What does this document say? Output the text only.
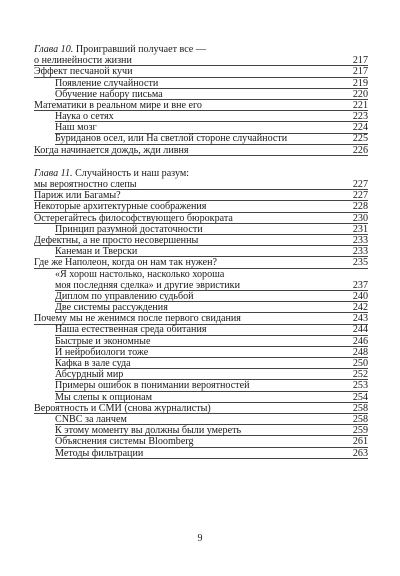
Глава 10. Проигравший получает все —
о нелинейности жизни	217
Эффект песчаной кучи	217
Появление случайности	219
Обучение набору письма	220
Математики в реальном мире и вне его	221
Наука о сетях	223
Наш мозг	224
Буриданов осел, или На светлой стороне случайности	225
Когда начинается дождь, жди ливня	226
Глава 11. Случайность и наш разум:
мы вероятностно слепы	227
Париж или Багамы?	227
Некоторые архитектурные соображения	228
Остерегайтесь философствующего бюрократа	230
Принцип разумной достаточности	231
Дефектны, а не просто несовершенны	233
Канеман и Тверски	233
Где же Наполеон, когда он нам так нужен?	235
«Я хорош настолько, насколько хороша
моя последняя сделка» и другие эвристики	237
Диплом по управлению судьбой	240
Две системы рассуждения	242
Почему мы не женимся после первого свидания	243
Наша естественная среда обитания	244
Быстрые и экономные	246
И нейробиологи тоже	248
Кафка в зале суда	250
Абсурдный мир	252
Примеры ошибок в понимании вероятностей	253
Мы слепы к опционам	254
Вероятность и СМИ (снова журналисты)	258
CNBC за ланчем	258
К этому моменту вы должны были умереть	259
Объяснения системы Bloomberg	261
Методы фильтрации	263
9
